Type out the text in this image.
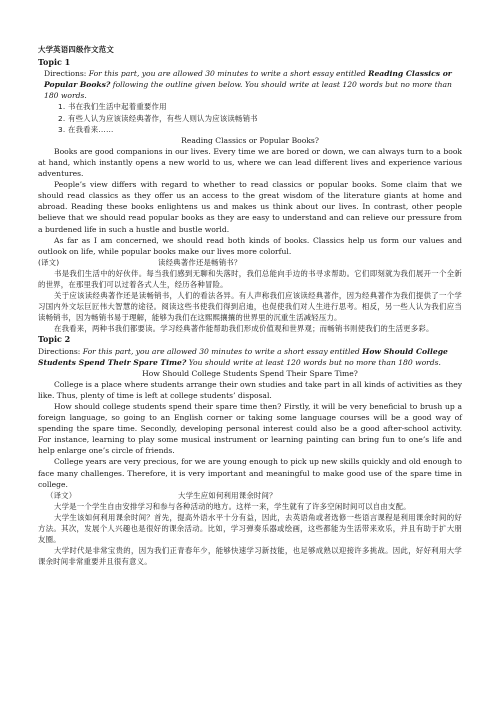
大学英语四级作文范文
Topic 1
Directions: For this part, you are allowed 30 minutes to write a short essay entitled Reading Classics or Popular Books? following the outline given below. You should write at least 120 words but no more than 180 words.
1. 书在我们生活中起着重要作用
2. 有些人认为应该读经典著作，有些人则认为应该读畅销书
3. 在我看来……
Reading Classics or Popular Books?
Books are good companions in our lives. Every time we are bored or down, we can always turn to a book at hand, which instantly opens a new world to us, where we can lead different lives and experience various adventures.
People’s view differs with regard to whether to read classics or popular books. Some claim that we should read classics as they offer us an access to the great wisdom of the literature giants at home and abroad. Reading these books enlightens us and makes us think about our lives. In contrast, other people believe that we should read popular books as they are easy to understand and can relieve our pressure from a burdened life in such a hustle and bustle world.
As far as I am concerned, we should read both kinds of books. Classics help us form our values and outlook on life, while popular books make our lives more colorful.
(译文)	读经典著作还是畅销书？
书是我们生活中的好伙伴。每当我们感到无聊和失落时，我们总能向手边的书寻求帮助。它们即刻就为我们展开一个全新的世界，在那里我们可以过着各式人生，经历各种冒险。
关于应该读经典著作还是读畅销书，人们的看法各异。有人声称我们应该读经典著作，因为经典著作为我们提供了一个学习国内外文坛巨匠伟大智慧的途径。阅读这些书使我们得到启迪，也促使我们对人生进行思考。相反，另一些人认为我们应当读畅销书，因为畅销书易于理解，能够为我们在这熙熙攘攘的世界里的沉重生活减轻压力。
在我看来，两种书我们都要读。学习经典著作能帮助我们形成价值观和世界观；而畅销书则使我们的生活更多彩。
Topic 2
Directions: For this part, you are allowed 30 minutes to write a short essay entitled How Should College Students Spend Their Spare Time? You should write at least 120 words but no more than 180 words.
How Should College Students Spend Their Spare Time?
College is a place where students arrange their own studies and take part in all kinds of activities as they like. Thus, plenty of time is left at college students’ disposal.
How should college students spend their spare time then? Firstly, it will be very beneficial to brush up a foreign language, so going to an English corner or taking some language courses will be a good way of spending the spare time. Secondly, developing personal interest could also be a good after-school activity. For instance, learning to play some musical instrument or learning painting can bring fun to one’s life and help enlarge one’s circle of friends.
College years are very precious, for we are young enough to pick up new skills quickly and old enough to face many challenges. Therefore, it is very important and meaningful to make good use of the spare time in college.
（译文）	大学生应如何利用课余时间？
大学是一个学生自由安排学习和参与各种活动的地方。这样一来，学生就有了许多空闲时间可以自由支配。
大学生该如何利用课余时间？首先，提高外语水平十分有益，因此，去英语角或者选修一些语言课程是利用课余时间的好方法。其次，发展个人兴趣也是很好的课余活动。比如，学习弹奏乐器或绘画，这些都能为生活带来欢乐，并且有助于扩大朋友圈。
大学时代是非常宝贵的，因为我们正青春年少，能够快速学习新技能，也足够成熟以迎接许多挑战。因此，好好利用大学课余时间非常重要并且很有意义。
